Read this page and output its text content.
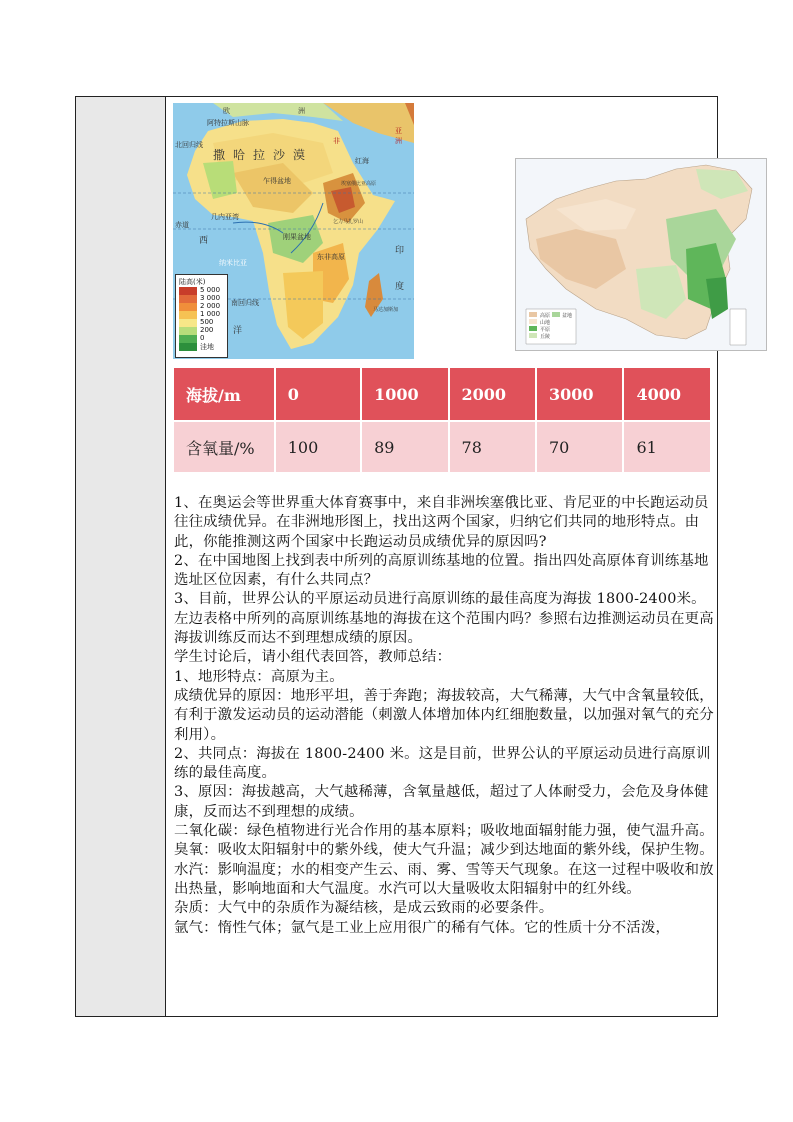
欧	洲
阿特拉斯山脉
北回归线
撒哈拉沙漠
非
乍得盆地
几内亚湾
赤道
西	刚果盆地
东非高原
纳米比亚
南回归线
洋
印
度
马达加斯加
乞力马扎罗山
埃塞俄比亚高原
红海
亚
洲
陆高(米)
5 000
3 000
2 000
1 000
500
200
0
洼地
高原
山地
平原
丘陵
盆地
海拔/m	0	1000	2000	3000	4000
含氧量/%	100	89	78	70	61

1、在奥运会等世界重大体育赛事中，来自非洲埃塞俄比亚、肯尼亚的中长跑运动员往往成绩优异。在非洲地形图上，找出这两个国家，归纳它们共同的地形特点。由此，你能推测这两个国家中长跑运动员成绩优异的原因吗?

2、在中国地图上找到表中所列的高原训练基地的位置。指出四处高原体育训练基地选址区位因素，有什么共同点？

3、目前，世界公认的平原运动员进行高原训练的最佳高度为海拔 1800-2400米。左边表格中所列的高原训练基地的海拔在这个范围内吗？参照右边推测运动员在更高海拔训练反而达不到理想成绩的原因。

学生讨论后，请小组代表回答，教师总结：

1、地形特点：高原为主。

成绩优异的原因：地形平坦，善于奔跑；海拔较高，大气稀薄，大气中含氧量较低，有利于激发运动员的运动潜能（刺激人体增加体内红细胞数量，以加强对氧气的充分利用）。

2、共同点：海拔在 1800-2400 米。这是目前，世界公认的平原运动员进行高原训练的最佳高度。

3、原因：海拔越高，大气越稀薄，含氧量越低，超过了人体耐受力，会危及身体健康，反而达不到理想的成绩。

二氧化碳：绿色植物进行光合作用的基本原料；吸收地面辐射能力强，使气温升高。

臭氧：吸收太阳辐射中的紫外线，使大气升温；减少到达地面的紫外线，保护生物。

水汽：影响温度；水的相变产生云、雨、雾、雪等天气现象。在这一过程中吸收和放出热量，影响地面和大气温度。水汽可以大量吸收太阳辐射中的红外线。

杂质：大气中的杂质作为凝结核，是成云致雨的必要条件。

氩气：惰性气体；氩气是工业上应用很广的稀有气体。它的性质十分不活泼，
